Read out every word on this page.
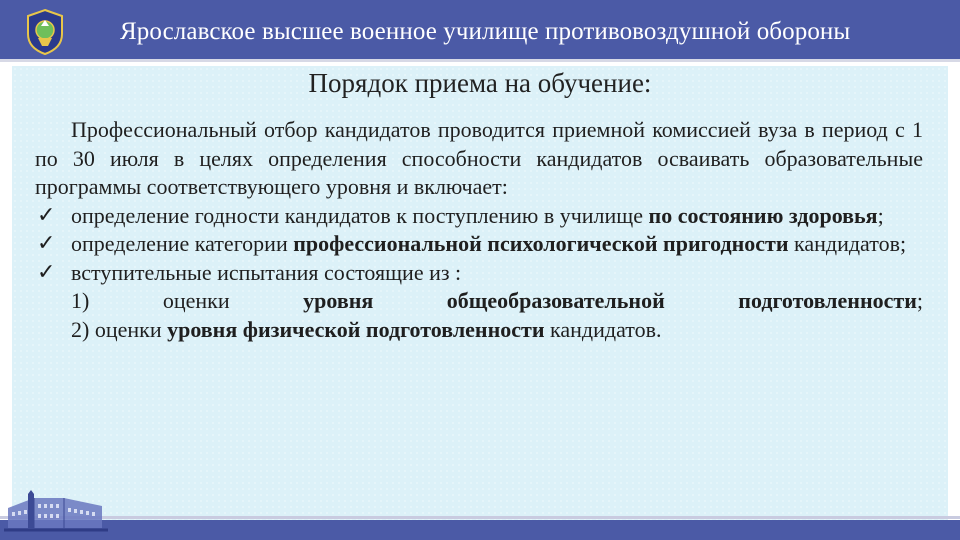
Ярославское высшее военное училище противовоздушной обороны
Порядок приема на обучение:

Профессиональный отбор кандидатов проводится приемной комиссией вуза в период с 1 по 30 июля в целях определения способности кандидатов осваивать образовательные программы соответствующего уровня и включает:

✓ определение годности кандидатов к поступлению в училище по состоянию здоровья;

✓ определение категории профессиональной психологической пригодности кандидатов;

✓ вступительные испытания состоящие из :

1) оценки уровня общеобразовательной подготовленности;

2) оценки уровня физической подготовленности кандидатов.
